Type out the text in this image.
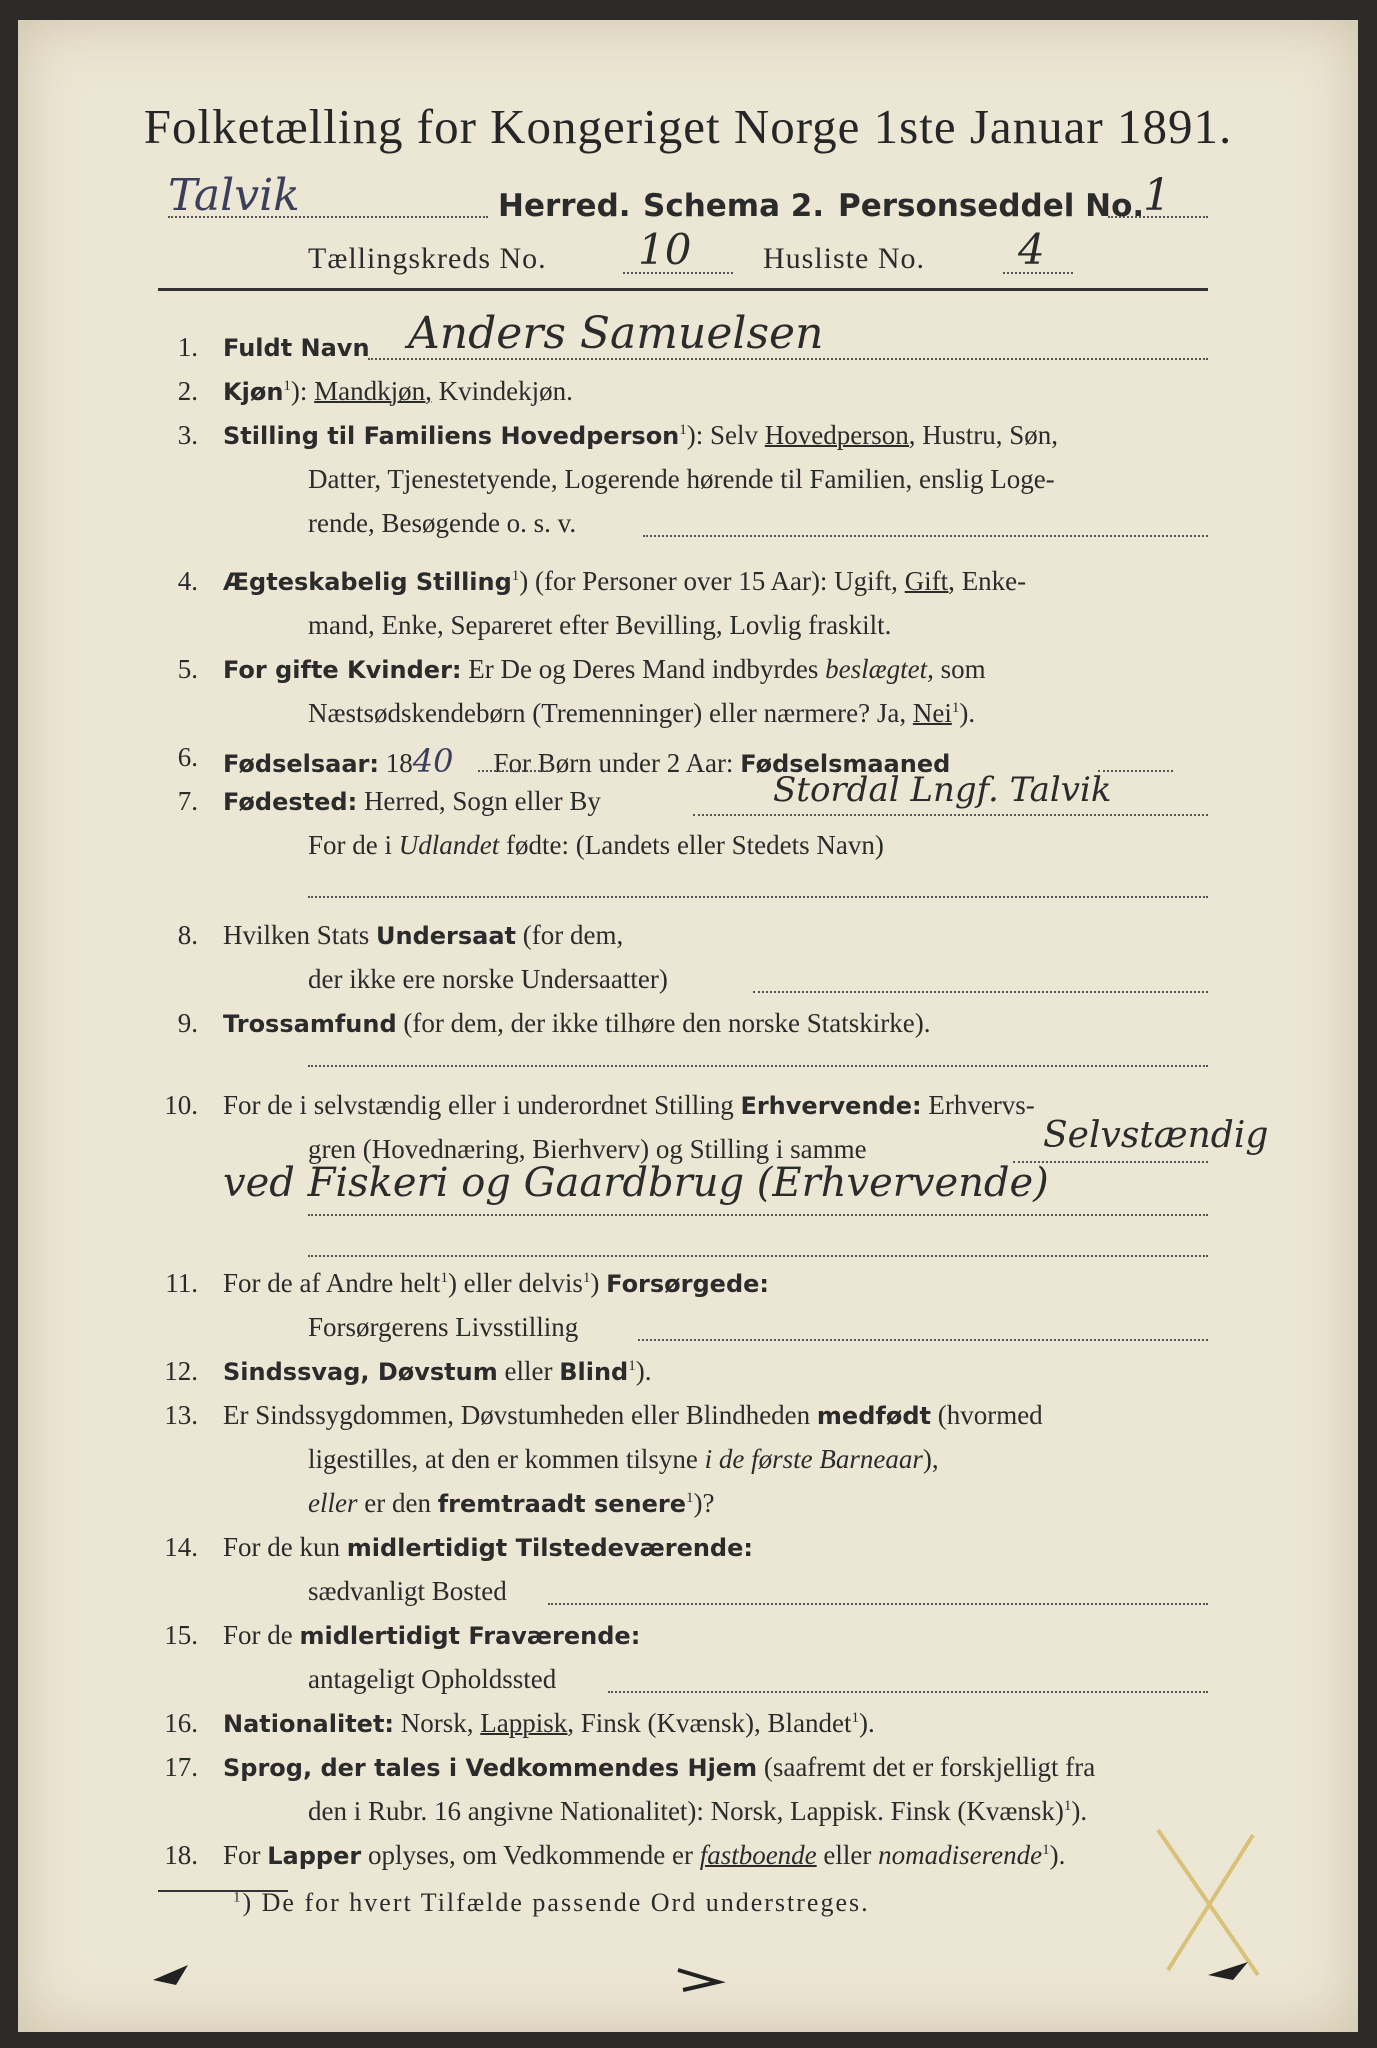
Folketælling for Kongeriget Norge 1ste Januar 1891.
Talvik	Herred. Schema 2. Personseddel No.
1
Tællingskreds No. 10 Husliste No. 4
1. Fuldt Navn Anders Samuelsen
2. Kjøn$^1$): Mandkjøn, Kvindekjøn.
3. Stilling til Familiens Hovedperson$^1$): Selv Hovedperson, Hustru, Søn,
Datter, Tjenestetyende, Logerende hørende til Familien, enslig Loge-
rende, Besøgende o. s. v.
4. Ægteskabelig Stilling$^1$) (for Personer over 15 Aar): Ugift, Gift, Enke-
mand, Enke, Separeret efter Bevilling, Lovlig fraskilt.
5. For gifte Kvinder: Er De og Deres Mand indbyrdes beslægtet, som
Næstsødskendebørn (Tremenninger) eller nærmere? Ja, Nei$^1$).
6. Fødselsaar: 1840 For Børn under 2 Aar: Fødselsmaaned
7. Fødested: Herred, Sogn eller By	Stordal Lngf. Talvik
For de i Udlandet fødte: (Landets eller Stedets Navn)
8. Hvilken Stats Undersaat (for dem,
der ikke ere norske Undersaatter)
9. Trossamfund (for dem, der ikke tilhøre den norske Statskirke).
10. For de i selvstændig eller i underordnet Stilling Erhvervende: Erhvervs-
gren (Hovednæring, Bierhverv) og Stilling i samme	Selvstændig
ved Fiskeri og Gaardbrug (Erhvervende)
11. For de af Andre helt$^1$) eller delvis$^1$) Forsørgede:
Forsørgerens Livsstilling
12. Sindssvag, Døvstum eller Blind$^1$).
13. Er Sindssygdommen, Døvstumheden eller Blindheden medfødt (hvormed
ligestilles, at den er kommen tilsyne i de første Barneaar),
eller er den fremtraadt senere$^1$)?
14. For de kun midlertidigt Tilstedeværende:
sædvanligt Bosted
15. For de midlertidigt Fraværende:
antageligt Opholdssted
16. Nationalitet: Norsk, Lappisk, Finsk (Kvænsk), Blandet$^1$).
17. Sprog, der tales i Vedkommendes Hjem (saafremt det er forskjelligt fra
den i Rubr. 16 angivne Nationalitet): Norsk, Lappisk. Finsk (Kvænsk)$^1$).
18. For Lapper oplyses, om Vedkommende er fastboende eller nomadiserende$^1$).
$^1$) De for hvert Tilfælde passende Ord understreges.
